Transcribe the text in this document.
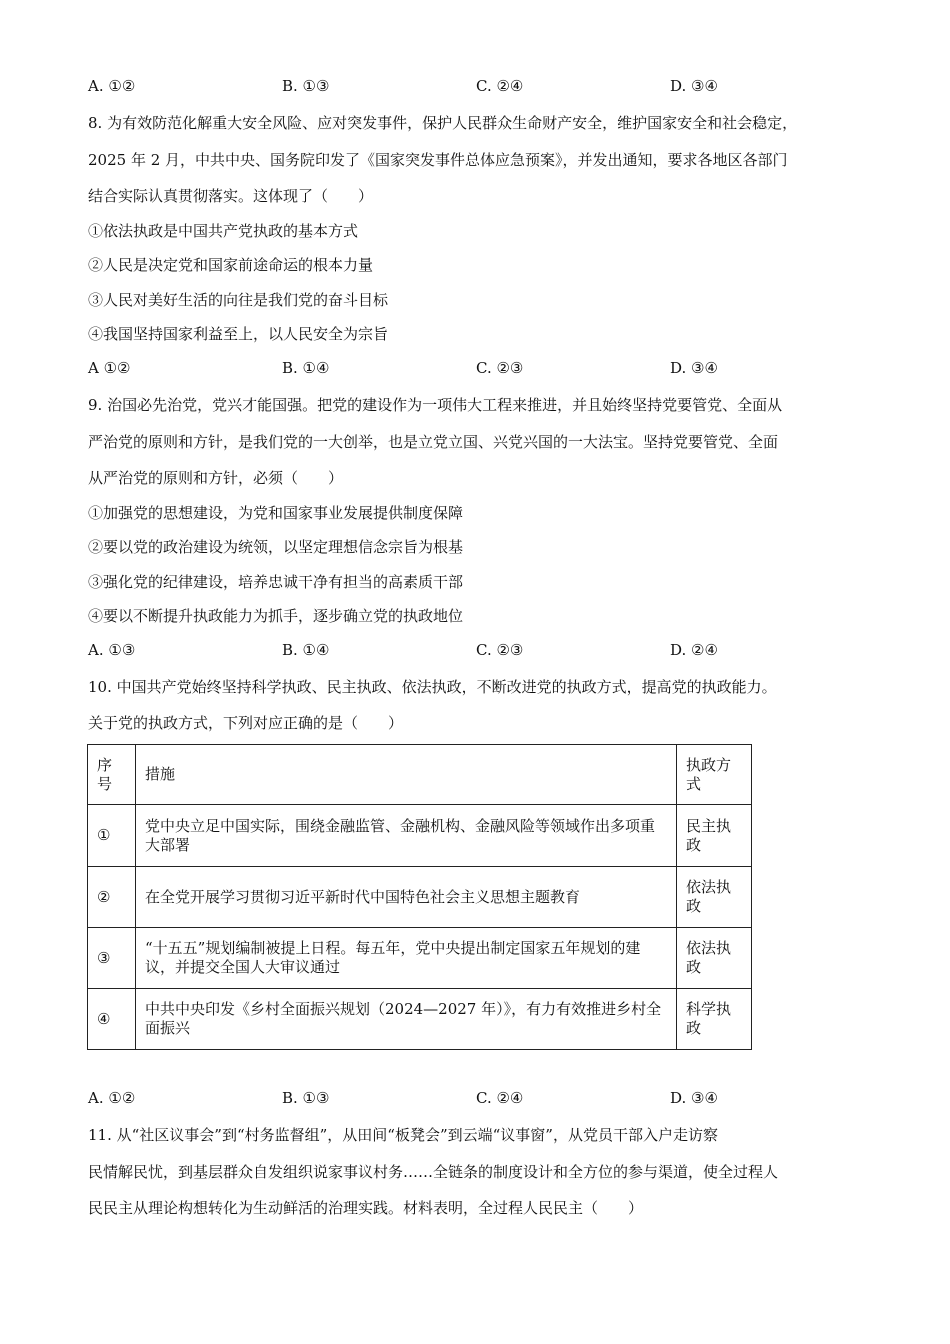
A. ①②	B. ①③	C. ②④	D. ③④
8. 为有效防范化解重大安全风险、应对突发事件，保护人民群众生命财产安全，维护国家安全和社会稳定，
2025 年 2 月，中共中央、国务院印发了《国家突发事件总体应急预案》，并发出通知，要求各地区各部门
结合实际认真贯彻落实。这体现了（　　）
①依法执政是中国共产党执政的基本方式
②人民是决定党和国家前途命运的根本力量
③人民对美好生活的向往是我们党的奋斗目标
④我国坚持国家利益至上，以人民安全为宗旨
A ①②	B. ①④	C. ②③	D. ③④
9. 治国必先治党，党兴才能国强。把党的建设作为一项伟大工程来推进，并且始终坚持党要管党、全面从
严治党的原则和方针，是我们党的一大创举，也是立党立国、兴党兴国的一大法宝。坚持党要管党、全面
从严治党的原则和方针，必须（　　）
①加强党的思想建设，为党和国家事业发展提供制度保障
②要以党的政治建设为统领，以坚定理想信念宗旨为根基
③强化党的纪律建设，培养忠诚干净有担当的高素质干部
④要以不断提升执政能力为抓手，逐步确立党的执政地位
A. ①③	B. ①④	C. ②③	D. ②④
10. 中国共产党始终坚持科学执政、民主执政、依法执政，不断改进党的执政方式，提高党的执政能力。
关于党的执政方式，下列对应正确的是（　　）
序号	措施	执政方式
①	党中央立足中国实际，围绕金融监管、金融机构、金融风险等领域作出多项重大部署	民主执政
②	在全党开展学习贯彻习近平新时代中国特色社会主义思想主题教育	依法执政
③	“十五五”规划编制被提上日程。每五年，党中央提出制定国家五年规划的建议，并提交全国人大审议通过	依法执政
④	中共中央印发《乡村全面振兴规划（2024—2027 年）》，有力有效推进乡村全面振兴	科学执政
A. ①②	B. ①③	C. ②④	D. ③④
11. 从“社区议事会”到“村务监督组”，从田间“板凳会”到云端“议事窗”，从党员干部入户走访察
民情解民忧，到基层群众自发组织说家事议村务……全链条的制度设计和全方位的参与渠道，使全过程人
民民主从理论构想转化为生动鲜活的治理实践。材料表明，全过程人民民主（　　）
